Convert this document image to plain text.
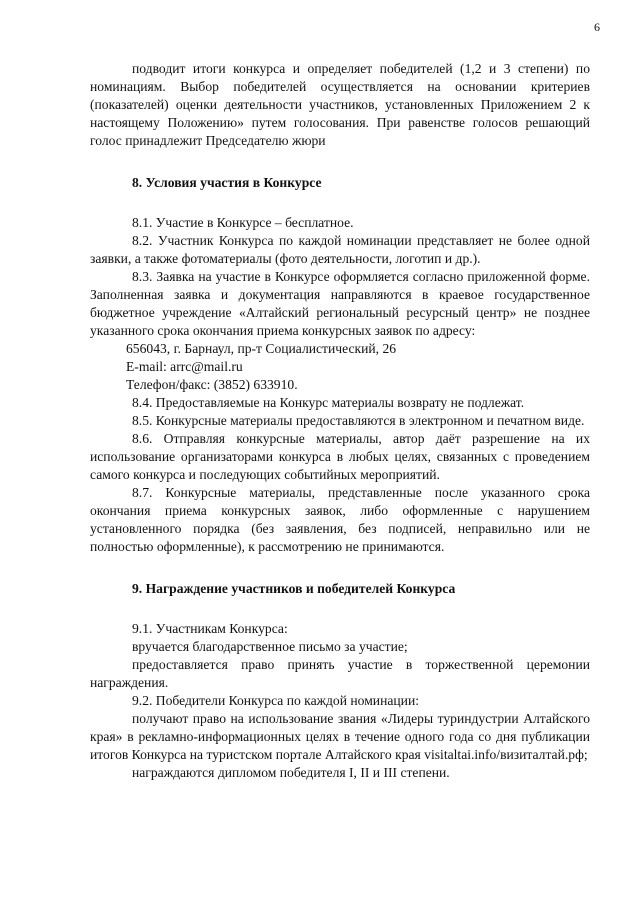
6

подводит итоги конкурса и определяет победителей (1,2 и 3 степени) по номинациям. Выбор победителей осуществляется на основании критериев (показателей) оценки деятельности участников, установленных Приложением 2 к настоящему Положению» путем голосования. При равенстве голосов решающий голос принадлежит Председателю жюри

8. Условия участия в Конкурсе

8.1. Участие в Конкурсе – бесплатное.

8.2. Участник Конкурса по каждой номинации представляет не более одной заявки, а также фотоматериалы (фото деятельности, логотип и др.).

8.3. Заявка на участие в Конкурсе оформляется согласно приложенной форме. Заполненная заявка и документация направляются в краевое государственное бюджетное учреждение «Алтайский региональный ресурсный центр» не позднее указанного срока окончания приема конкурсных заявок по адресу:

656043, г. Барнаул, пр-т Социалистический, 26

E-mail: arrc@mail.ru

Телефон/факс: (3852) 633910.

8.4. Предоставляемые на Конкурс материалы возврату не подлежат.

8.5. Конкурсные материалы предоставляются в электронном и печатном виде.

8.6. Отправляя конкурсные материалы, автор даёт разрешение на их использование организаторами конкурса в любых целях, связанных с проведением самого конкурса и последующих событийных мероприятий.

8.7. Конкурсные материалы, представленные после указанного срока окончания приема конкурсных заявок, либо оформленные с нарушением установленного порядка (без заявления, без подписей, неправильно или не полностью оформленные), к рассмотрению не принимаются.

9. Награждение участников и победителей Конкурса

9.1. Участникам Конкурса:

вручается благодарственное письмо за участие;

предоставляется право принять участие в торжественной церемонии награждения.

9.2. Победители Конкурса по каждой номинации:

получают право на использование звания «Лидеры туриндустрии Алтайского края» в рекламно-информационных целях в течение одного года со дня публикации итогов Конкурса на туристском портале Алтайского края visitaltai.info/визиталтай.рф;

награждаются дипломом победителя I, II и III степени.
